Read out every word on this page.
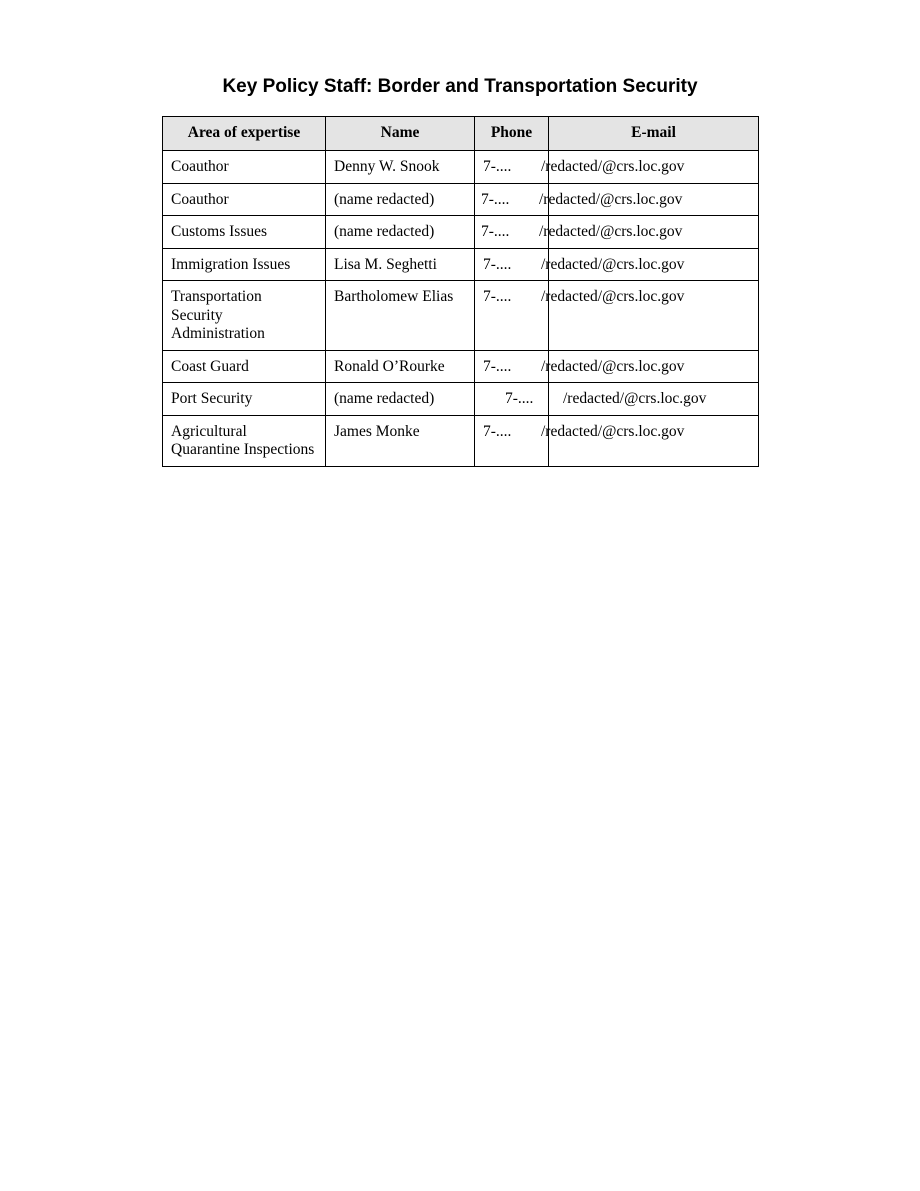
Key Policy Staff: Border and Transportation Security
Area of expertise	Name	Phone	E-mail
Coauthor	Denny W. Snook	7-....	/redacted/@crs.loc.gov
Coauthor	(name redacted)	7-....	/redacted/@crs.loc.gov
Customs Issues	(name redacted)	7-....	/redacted/@crs.loc.gov
Immigration Issues	Lisa M. Seghetti	7-....	/redacted/@crs.loc.gov
Transportation Security Administration	Bartholomew Elias	7-....	/redacted/@crs.loc.gov
Coast Guard	Ronald O’Rourke	7-....	/redacted/@crs.loc.gov
Port Security	(name redacted)	7-....	/redacted/@crs.loc.gov
Agricultural Quarantine Inspections	James Monke	7-....	/redacted/@crs.loc.gov
